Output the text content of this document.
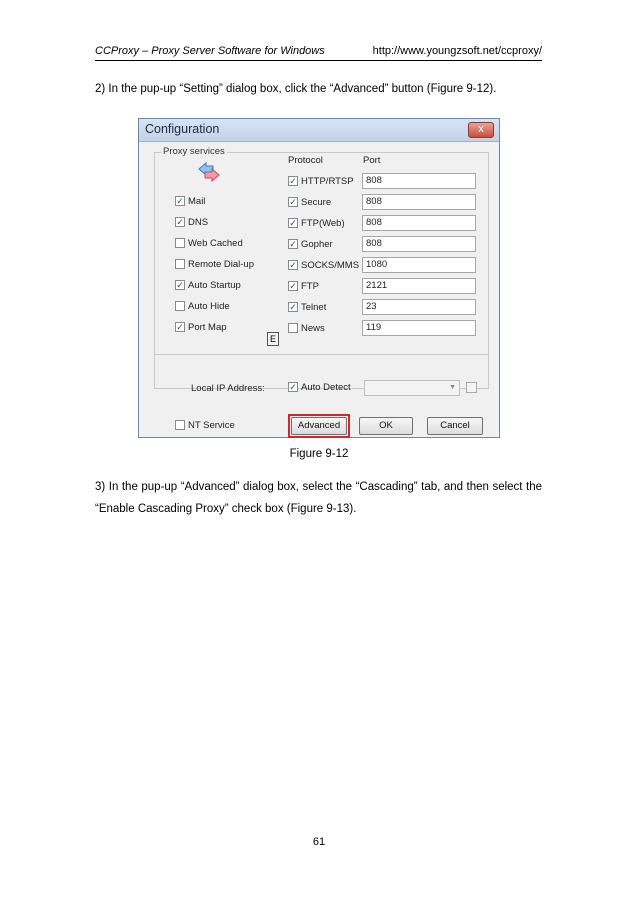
CCProxy – Proxy Server Software for Windows	http://www.youngzsoft.net/ccproxy/
2) In the pup-up “Setting” dialog box, click the “Advanced” button (Figure 9-12).
Configuration	x
Proxy services
Protocol	Port
✓ Mail
✓ DNS
Web Cached
Remote Dial-up
✓ Auto Startup
Auto Hide
✓ Port Map
✓ HTTP/RTSP	808
✓ Secure	808
✓ FTP(Web)	808
✓ Gopher	808
✓ SOCKS/MMS 1080
✓ FTP	2121
✓ Telnet	23
News	119
E
Local IP Address:	✓ Auto Detect	▼
NT Service	Advanced	OK	Cancel
Figure 9-12
3) In the pup-up “Advanced” dialog box, select the “Cascading” tab, and then select the “Enable Cascading Proxy” check box (Figure 9-13).
61
